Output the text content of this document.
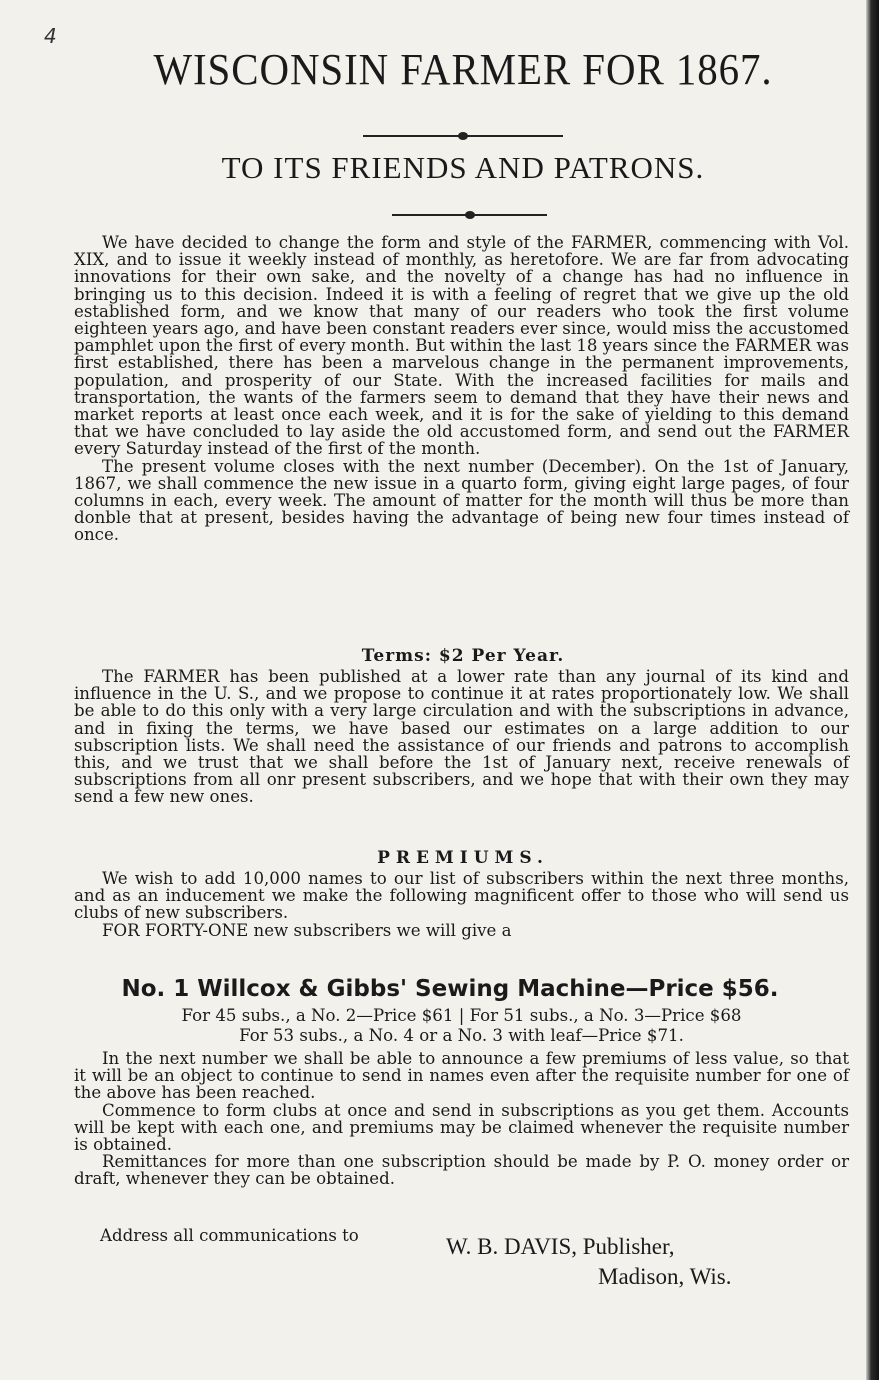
4
WISCONSIN FARMER FOR 1867.
TO ITS FRIENDS AND PATRONS.

We have decided to change the form and style of the FARMER, commencing with Vol. XIX, and to issue it weekly instead of monthly, as heretofore. We are far from advocating innovations for their own sake, and the novelty of a change has had no influence in bringing us to this decision. Indeed it is with a feeling of regret that we give up the old established form, and we know that many of our readers who took the first volume eighteen years ago, and have been constant readers ever since, would miss the accustomed pamphlet upon the first of every month. But within the last 18 years since the FARMER was first established, there has been a marvelous change in the permanent improvements, population, and prosperity of our State. With the increased facilities for mails and transportation, the wants of the farmers seem to demand that they have their news and market reports at least once each week, and it is for the sake of yielding to this demand that we have concluded to lay aside the old accustomed form, and send out the FARMER every Saturday instead of the first of the month.

The present volume closes with the next number (December). On the 1st of January, 1867, we shall commence the new issue in a quarto form, giving eight large pages, of four columns in each, every week. The amount of matter for the month will thus be more than donble that at present, besides having the advantage of being new four times instead of once.

Terms: $2 Per Year.

The FARMER has been published at a lower rate than any journal of its kind and influence in the U. S., and we propose to continue it at rates proportionately low. We shall be able to do this only with a very large circulation and with the subscriptions in advance, and in fixing the terms, we have based our estimates on a large addition to our subscription lists. We shall need the assistance of our friends and patrons to accomplish this, and we trust that we shall before the 1st of January next, receive renewals of subscriptions from all onr present subscribers, and we hope that with their own they may send a few new ones.

PREMIUMS.

We wish to add 10,000 names to our list of subscribers within the next three months, and as an inducement we make the following magnificent offer to those who will send us clubs of new subscribers.

FOR FORTY-ONE new subscribers we will give a

No. 1 Willcox & Gibbs' Sewing Machine—Price $56.
For 45 subs., a No. 2—Price $61 | For 51 subs., a No. 3—Price $68
For 53 subs., a No. 4 or a No. 3 with leaf—Price $71.

In the next number we shall be able to announce a few premiums of less value, so that it will be an object to continue to send in names even after the requisite number for one of the above has been reached.

Commence to form clubs at once and send in subscriptions as you get them. Accounts will be kept with each one, and premiums may be claimed whenever the requisite number is obtained.

Remittances for more than one subscription should be made by P. O. money order or draft, whenever they can be obtained.

Address all communications to	W. B. DAVIS, Publisher,
Madison, Wis.
